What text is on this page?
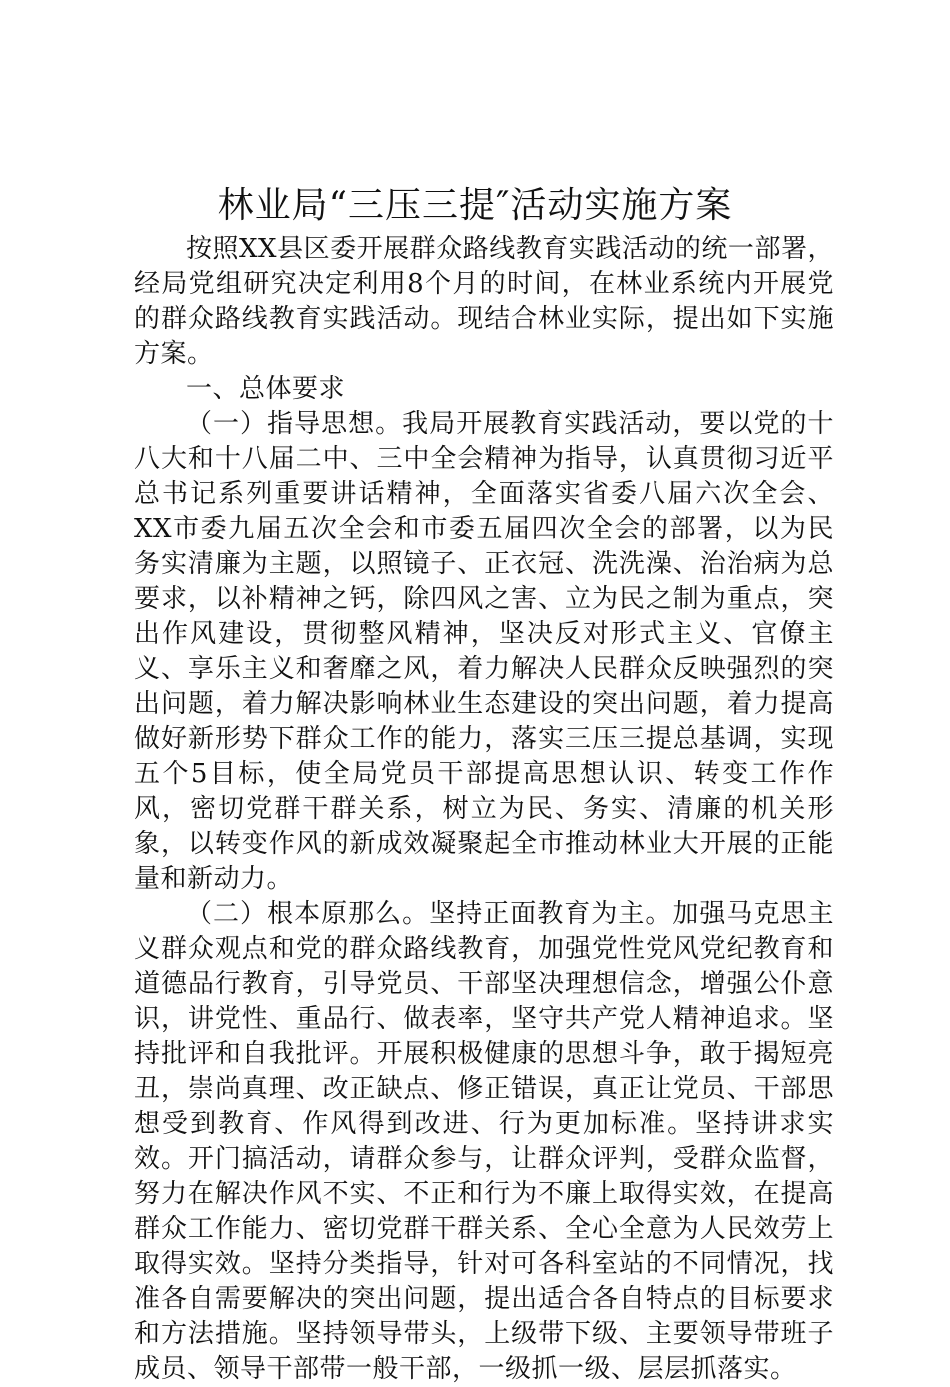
林业局“三压三提″活动实施方案

按照XX县区委开展群众路线教育实践活动的统一部署，经局党组研究决定利用8个月的时间，在林业系统内开展党的群众路线教育实践活动。现结合林业实际，提出如下实施方案。

一、总体要求

（一）指导思想。我局开展教育实践活动，要以党的十八大和十八届二中、三中全会精神为指导，认真贯彻习近平总书记系列重要讲话精神，全面落实省委八届六次全会、XX市委九届五次全会和市委五届四次全会的部署，以为民务实清廉为主题，以照镜子、正衣冠、洗洗澡、治治病为总要求，以补精神之钙，除四风之害、立为民之制为重点，突出作风建设，贯彻整风精神，坚决反对形式主义、官僚主义、享乐主义和奢靡之风，着力解决人民群众反映强烈的突出问题，着力解决影响林业生态建设的突出问题，着力提高做好新形势下群众工作的能力，落实三压三提总基调，实现五个5目标，使全局党员干部提高思想认识、转变工作作风，密切党群干群关系，树立为民、务实、清廉的机关形象，以转变作风的新成效凝聚起全市推动林业大开展的正能量和新动力。

（二）根本原那么。坚持正面教育为主。加强马克思主义群众观点和党的群众路线教育，加强党性党风党纪教育和道德品行教育，引导党员、干部坚决理想信念，增强公仆意识，讲党性、重品行、做表率，坚守共产党人精神追求。坚持批评和自我批评。开展积极健康的思想斗争，敢于揭短亮丑，崇尚真理、改正缺点、修正错误，真正让党员、干部思想受到教育、作风得到改进、行为更加标准。坚持讲求实效。开门搞活动，请群众参与，让群众评判，受群众监督，努力在解决作风不实、不正和行为不廉上取得实效，在提高群众工作能力、密切党群干群关系、全心全意为人民效劳上取得实效。坚持分类指导，针对可各科室站的不同情况，找准各自需要解决的突出问题，提出适合各自特点的目标要求和方法措施。坚持领导带头，上级带下级、主要领导带班子成员、领导干部带一般干部，一级抓一级、层层抓落实。
